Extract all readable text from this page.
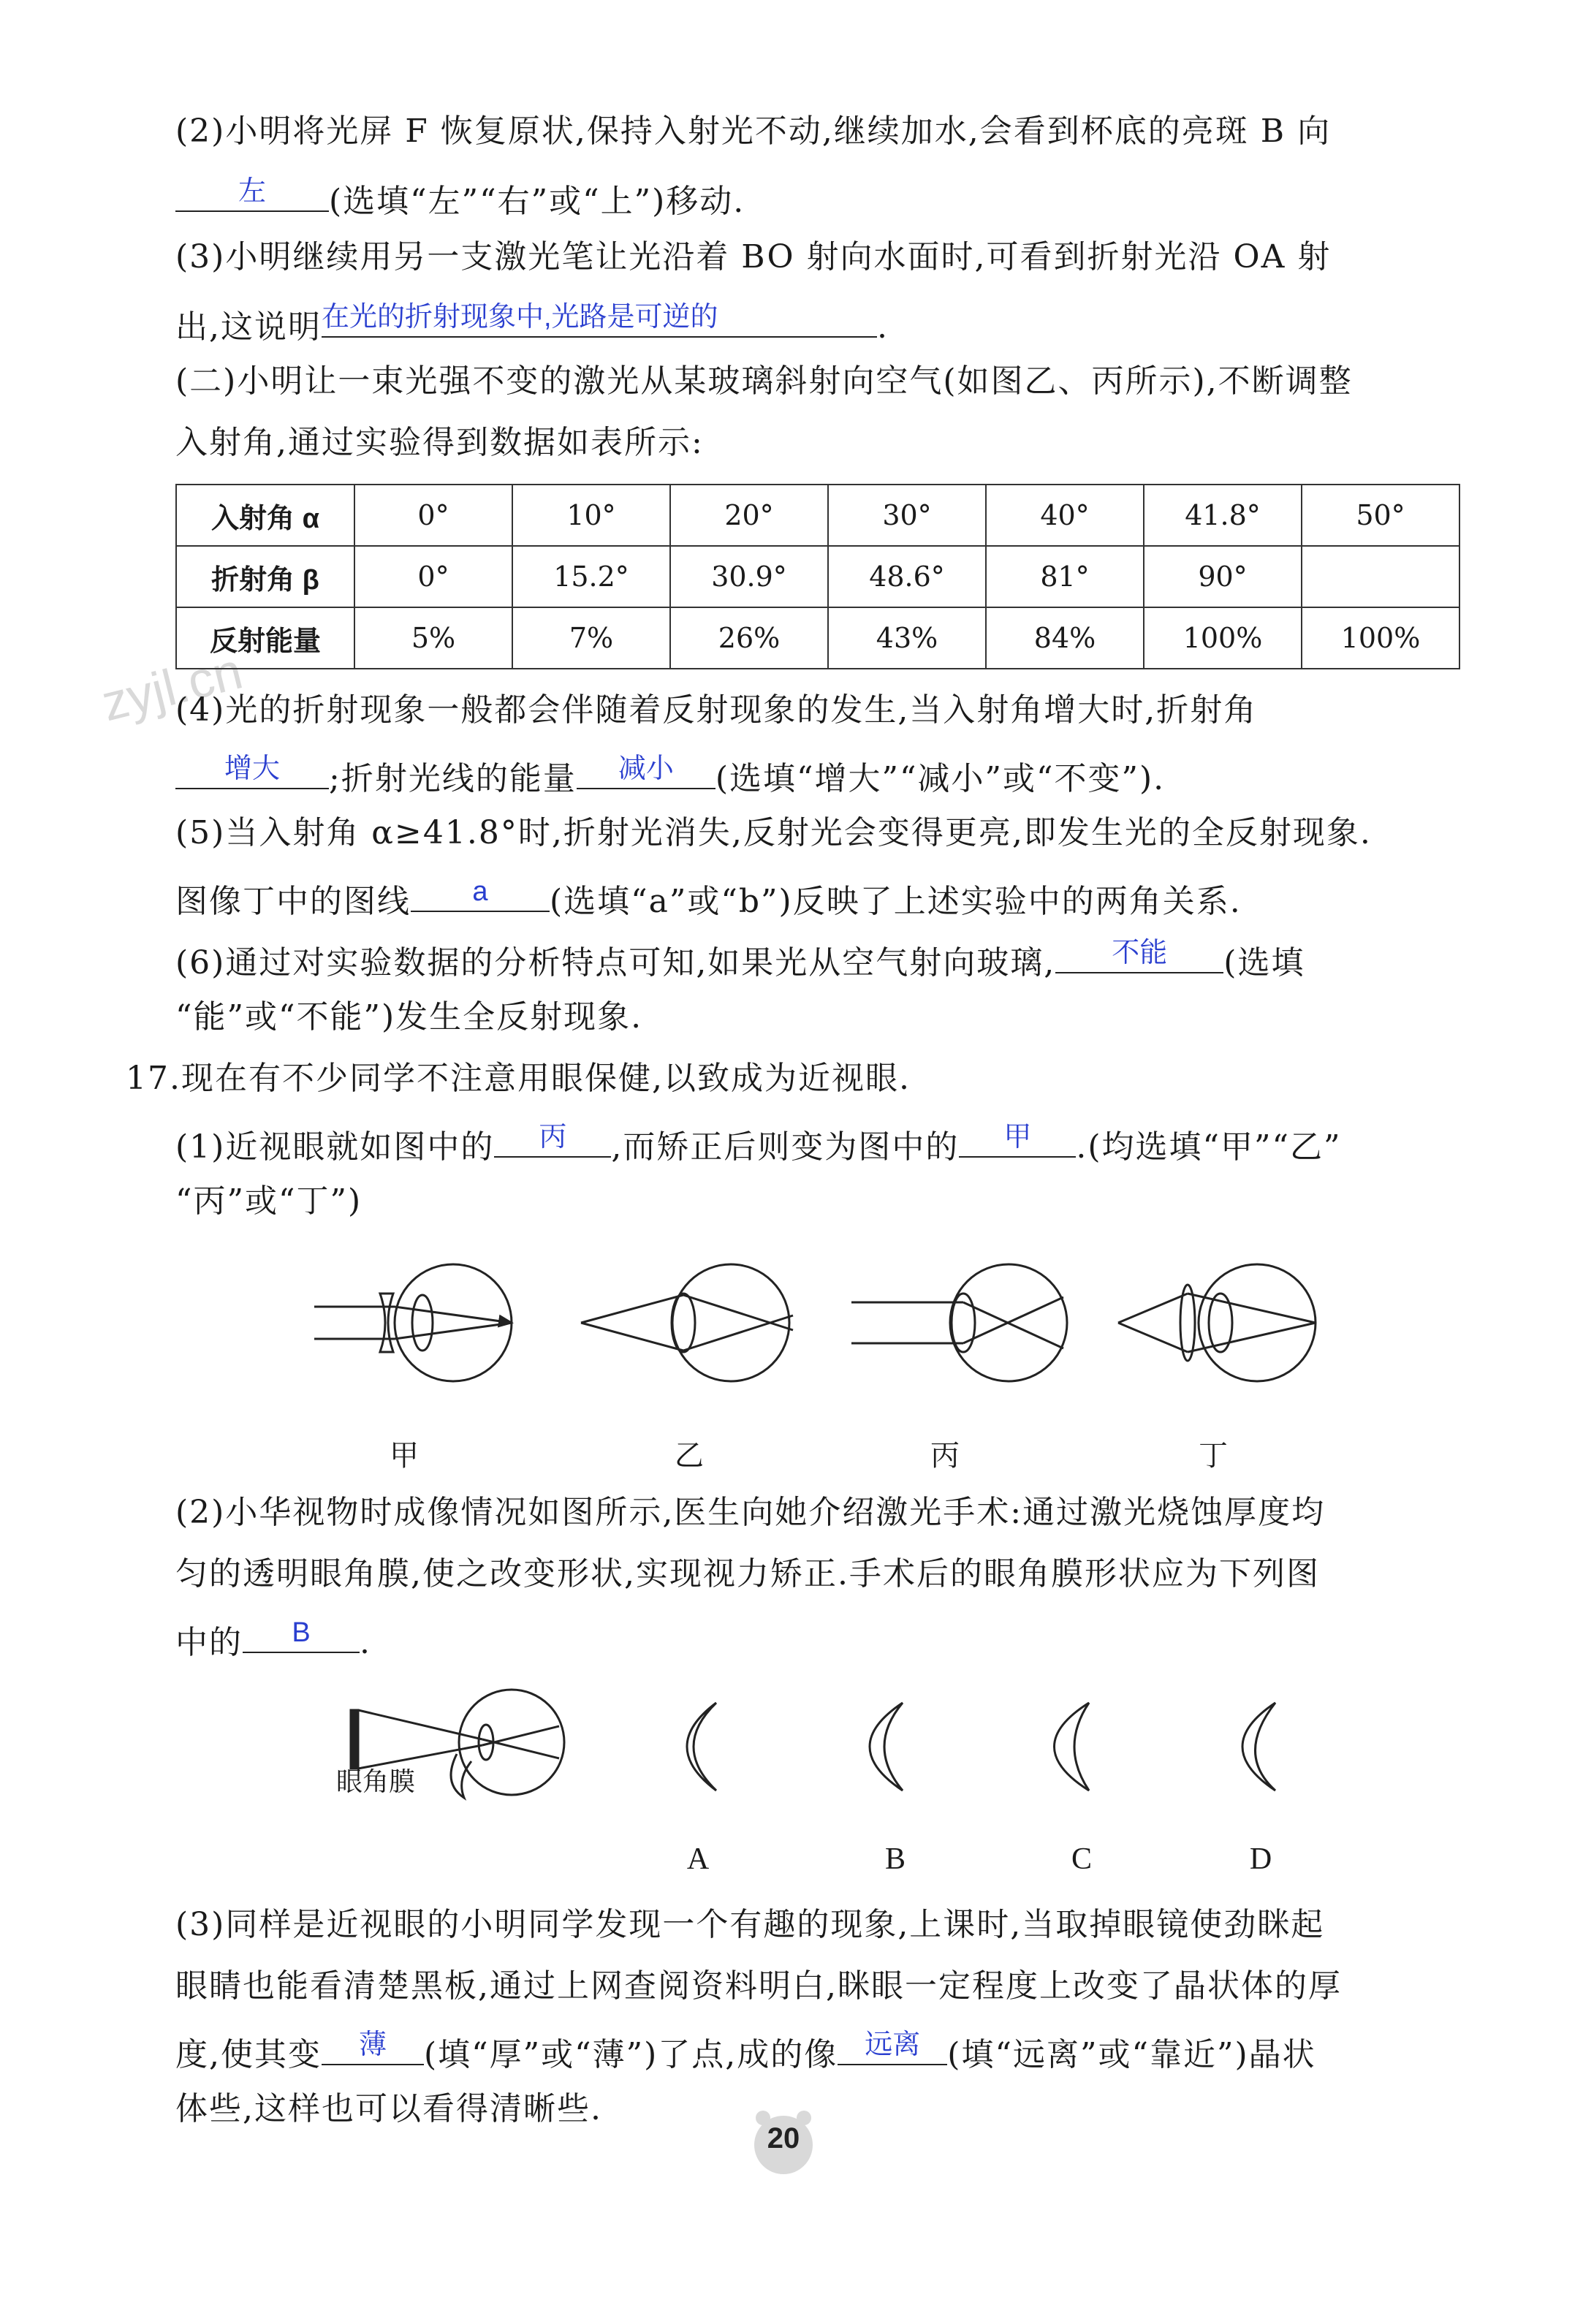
zyjl.cn
(2)小明将光屏 F 恢复原状,保持入射光不动,继续加水,会看到杯底的亮斑 B 向
左	(选填“左”“右”或“上”)移动.
(3)小明继续用另一支激光笔让光沿着 BO 射向水面时,可看到折射光沿 OA 射
出,这说明 在光的折射现象中,光路是可逆的	.
(二)小明让一束光强不变的激光从某玻璃斜射向空气(如图乙、丙所示),不断调整
入射角,通过实验得到数据如表所示:
入射角 α	0°	10°	20°	30°	40°	41.8°	50°
折射角 β	0°	15.2°	30.9°	48.6°	81°	90°	
反射能量	5%	7%	26%	43%	84%	100%	100%
(4)光的折射现象一般都会伴随着反射现象的发生,当入射角增大时,折射角
增大	;折射光线的能量	减小	(选填“增大”“减小”或“不变”).
(5)当入射角 α≥41.8°时,折射光消失,反射光会变得更亮,即发生光的全反射现象.
图像丁中的图线	a	(选填“a”或“b”)反映了上述实验中的两角关系.
(6)通过对实验数据的分析特点可知,如果光从空气射向玻璃,	不能	(选填
“能”或“不能”)发生全反射现象.
17.现在有不少同学不注意用眼保健,以致成为近视眼.
(1)近视眼就如图中的	丙	,而矫正后则变为图中的	甲	.(均选填“甲”“乙”
“丙”或“丁”)
甲	乙	丙	丁
(2)小华视物时成像情况如图所示,医生向她介绍激光手术:通过激光烧蚀厚度均
匀的透明眼角膜,使之改变形状,实现视力矫正.手术后的眼角膜形状应为下列图
中的	B	.
眼角膜
A	B	C	D
(3)同样是近视眼的小明同学发现一个有趣的现象,上课时,当取掉眼镜使劲眯起
眼睛也能看清楚黑板,通过上网查阅资料明白,眯眼一定程度上改变了晶状体的厚
度,使其变	薄	(填“厚”或“薄”)了点,成的像 远离 (填“远离”或“靠近”)晶状
体些,这样也可以看得清晰些.
20
